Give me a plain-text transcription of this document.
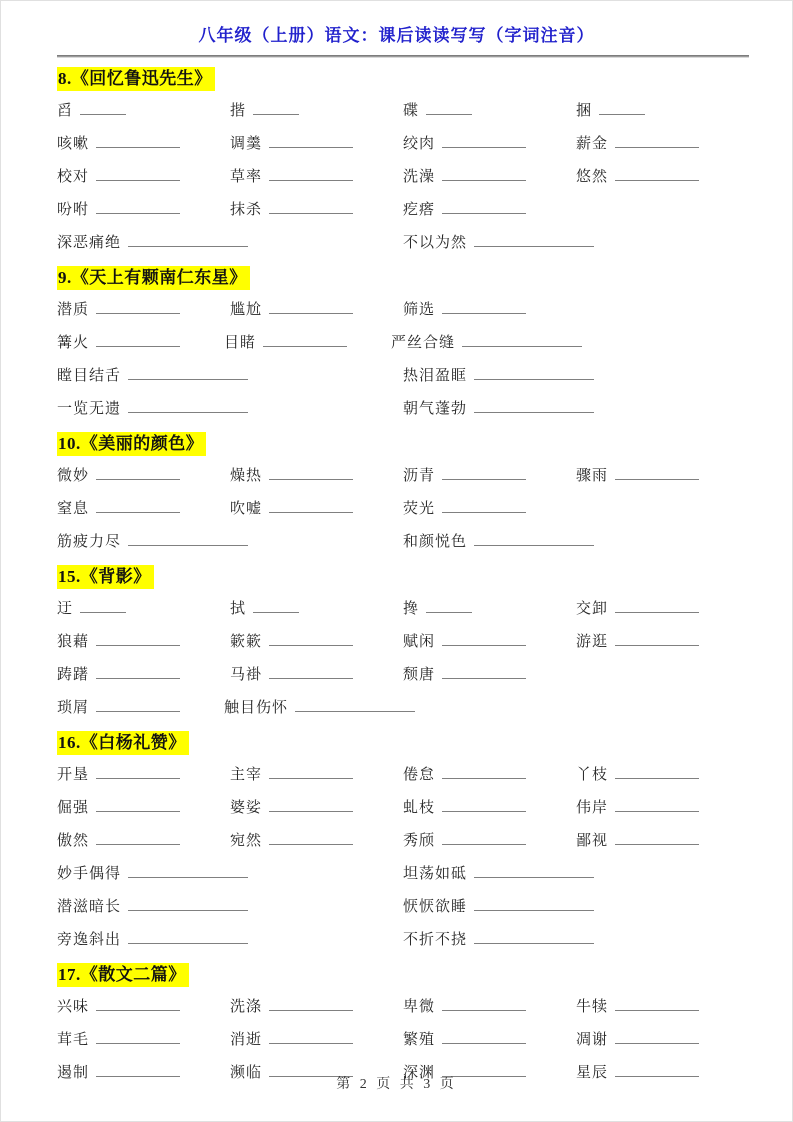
八年级（上册）语文：课后读读写写（字词注音）
8.《回忆鲁迅先生》
舀	揩	碟	捆
咳嗽	调羹	绞肉	薪金
校对	草率	洗澡	悠然
吩咐	抹杀	疙瘩
深恶痛绝	不以为然
9.《天上有颗南仁东星》
潜质	尴尬	筛选
篝火	目睹	严丝合缝
瞠目结舌	热泪盈眶
一览无遗	朝气蓬勃
10.《美丽的颜色》
微妙	燥热	沥青	骤雨
窒息	吹嘘	荧光
筋疲力尽	和颜悦色
15.《背影》
迂	拭	搀	交卸
狼藉	簌簌	赋闲	游逛
踌躇	马褂	颓唐
琐屑	触目伤怀
16.《白杨礼赞》
开垦	主宰	倦怠	丫枝
倔强	婆娑	虬枝	伟岸
傲然	宛然	秀颀	鄙视
妙手偶得	坦荡如砥
潜滋暗长	恹恹欲睡
旁逸斜出	不折不挠
17.《散文二篇》
兴味	洗涤	卑微	牛犊
茸毛	消逝	繁殖	凋谢
遏制	濒临	深渊	星辰
第 2 页 共 3 页
